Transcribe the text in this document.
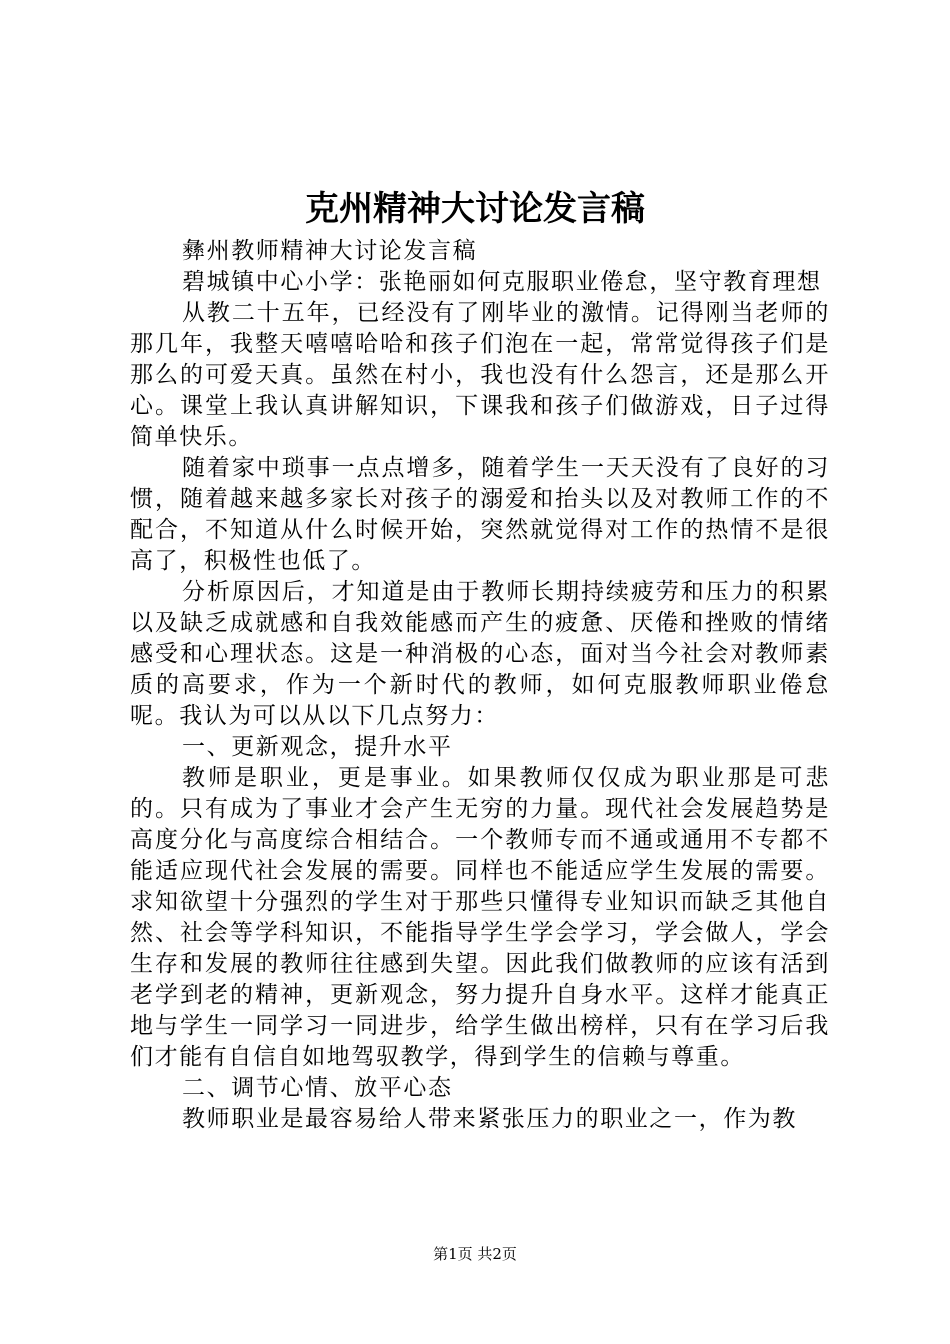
克州精神大讨论发言稿

彝州教师精神大讨论发言稿

碧城镇中心小学：张艳丽如何克服职业倦怠，坚守教育理想

从教二十五年，已经没有了刚毕业的激情。记得刚当老师的那几年，我整天嘻嘻哈哈和孩子们泡在一起，常常觉得孩子们是那么的可爱天真。虽然在村小，我也没有什么怨言，还是那么开心。课堂上我认真讲解知识，下课我和孩子们做游戏，日子过得简单快乐。

随着家中琐事一点点增多，随着学生一天天没有了良好的习惯，随着越来越多家长对孩子的溺爱和抬头以及对教师工作的不配合，不知道从什么时候开始，突然就觉得对工作的热情不是很高了，积极性也低了。

分析原因后，才知道是由于教师长期持续疲劳和压力的积累以及缺乏成就感和自我效能感而产生的疲惫、厌倦和挫败的情绪感受和心理状态。这是一种消极的心态，面对当今社会对教师素质的高要求，作为一个新时代的教师，如何克服教师职业倦怠呢。我认为可以从以下几点努力：

一、更新观念，提升水平

教师是职业，更是事业。如果教师仅仅成为职业那是可悲的。只有成为了事业才会产生无穷的力量。现代社会发展趋势是高度分化与高度综合相结合。一个教师专而不通或通用不专都不能适应现代社会发展的需要。同样也不能适应学生发展的需要。求知欲望十分强烈的学生对于那些只懂得专业知识而缺乏其他自然、社会等学科知识，不能指导学生学会学习，学会做人，学会生存和发展的教师往往感到失望。因此我们做教师的应该有活到老学到老的精神，更新观念，努力提升自身水平。这样才能真正地与学生一同学习一同进步，给学生做出榜样，只有在学习后我们才能有自信自如地驾驭教学，得到学生的信赖与尊重。

二、调节心情、放平心态

教师职业是最容易给人带来紧张压力的职业之一，作为教

第1页 共2页
